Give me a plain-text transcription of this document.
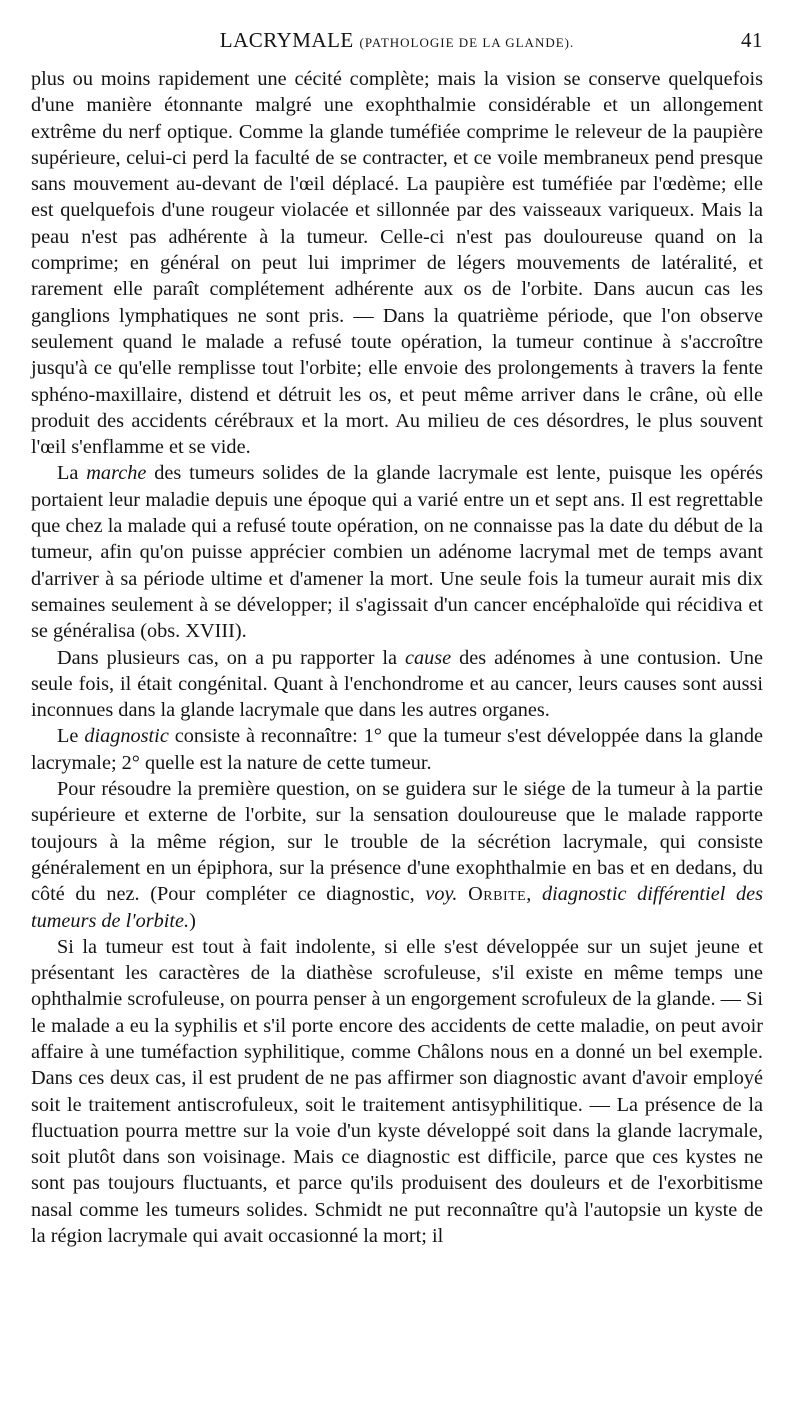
LACRYMALE (PATHOLOGIE DE LA GLANDE).	41

plus ou moins rapidement une cécité complète; mais la vision se conserve quelquefois d'une manière étonnante malgré une exophthalmie considérable et un allongement extrême du nerf optique. Comme la glande tuméfiée comprime le releveur de la paupière supérieure, celui-ci perd la faculté de se contracter, et ce voile membraneux pend presque sans mouvement au-devant de l'œil déplacé. La paupière est tuméfiée par l'œdème; elle est quelquefois d'une rougeur violacée et sillonnée par des vaisseaux variqueux. Mais la peau n'est pas adhérente à la tumeur. Celle-ci n'est pas douloureuse quand on la comprime; en général on peut lui imprimer de légers mouvements de latéralité, et rarement elle paraît complétement adhérente aux os de l'orbite. Dans aucun cas les ganglions lymphatiques ne sont pris. — Dans la quatrième période, que l'on observe seulement quand le malade a refusé toute opération, la tumeur continue à s'accroître jusqu'à ce qu'elle remplisse tout l'orbite; elle envoie des prolongements à travers la fente sphéno-maxillaire, distend et détruit les os, et peut même arriver dans le crâne, où elle produit des accidents cérébraux et la mort. Au milieu de ces désordres, le plus souvent l'œil s'enflamme et se vide.

La marche des tumeurs solides de la glande lacrymale est lente, puisque les opérés portaient leur maladie depuis une époque qui a varié entre un et sept ans. Il est regrettable que chez la malade qui a refusé toute opération, on ne connaisse pas la date du début de la tumeur, afin qu'on puisse apprécier combien un adénome lacrymal met de temps avant d'arriver à sa période ultime et d'amener la mort. Une seule fois la tumeur aurait mis dix semaines seulement à se développer; il s'agissait d'un cancer encéphaloïde qui récidiva et se généralisa (obs. XVIII).

Dans plusieurs cas, on a pu rapporter la cause des adénomes à une contusion. Une seule fois, il était congénital. Quant à l'enchondrome et au cancer, leurs causes sont aussi inconnues dans la glande lacrymale que dans les autres organes.

Le diagnostic consiste à reconnaître: 1° que la tumeur s'est développée dans la glande lacrymale; 2° quelle est la nature de cette tumeur.

Pour résoudre la première question, on se guidera sur le siége de la tumeur à la partie supérieure et externe de l'orbite, sur la sensation douloureuse que le malade rapporte toujours à la même région, sur le trouble de la sécrétion lacrymale, qui consiste généralement en un épiphora, sur la présence d'une exophthalmie en bas et en dedans, du côté du nez. (Pour compléter ce diagnostic, voy. Orbite, diagnostic différentiel des tumeurs de l'orbite.)

Si la tumeur est tout à fait indolente, si elle s'est développée sur un sujet jeune et présentant les caractères de la diathèse scrofuleuse, s'il existe en même temps une ophthalmie scrofuleuse, on pourra penser à un engorgement scrofuleux de la glande. — Si le malade a eu la syphilis et s'il porte encore des accidents de cette maladie, on peut avoir affaire à une tuméfaction syphilitique, comme Châlons nous en a donné un bel exemple. Dans ces deux cas, il est prudent de ne pas affirmer son diagnostic avant d'avoir employé soit le traitement antiscrofuleux, soit le traitement antisyphilitique. — La présence de la fluctuation pourra mettre sur la voie d'un kyste développé soit dans la glande lacrymale, soit plutôt dans son voisinage. Mais ce diagnostic est difficile, parce que ces kystes ne sont pas toujours fluctuants, et parce qu'ils produisent des douleurs et de l'exorbitisme nasal comme les tumeurs solides. Schmidt ne put reconnaître qu'à l'autopsie un kyste de la région lacrymale qui avait occasionné la mort; il
